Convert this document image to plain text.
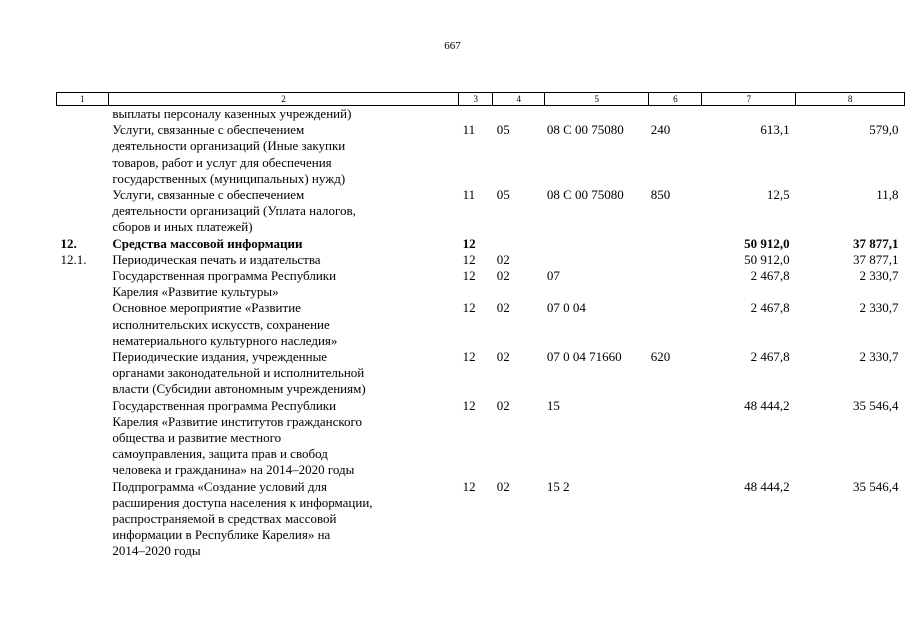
667
1	2	3	4	5	6	7	8
	выплаты персоналу казенных учреждений)						
	Услуги, связанные с обеспечением
деятельности организаций (Иные закупки
товаров, работ и услуг для обеспечения
государственных (муниципальных) нужд)	11	05	08 С 00 75080	240	613,1	579,0
	Услуги, связанные с обеспечением
деятельности организаций (Уплата налогов,
сборов и иных платежей)	11	05	08 С 00 75080	850	12,5	11,8
12.	Средства массовой информации	12				50 912,0	37 877,1
12.1.	Периодическая печать и издательства	12	02			50 912,0	37 877,1
	Государственная программа Республики
Карелия «Развитие культуры»	12	02	07		2 467,8	2 330,7
	Основное мероприятие «Развитие
исполнительских искусств, сохранение
нематериального культурного наследия»	12	02	07 0 04		2 467,8	2 330,7
	Периодические издания, учрежденные
органами законодательной и исполнительной
власти (Субсидии автономным учреждениям)	12	02	07 0 04 71660	620	2 467,8	2 330,7
	Государственная программа Республики
Карелия «Развитие институтов гражданского
общества и развитие местного
самоуправления, защита прав и свобод
человека и гражданина» на 2014–2020 годы	12	02	15		48 444,2	35 546,4
	Подпрограмма «Создание условий для
расширения доступа населения к информации,
распространяемой в средствах массовой
информации в Республике Карелия» на
2014–2020 годы	12	02	15 2		48 444,2	35 546,4
